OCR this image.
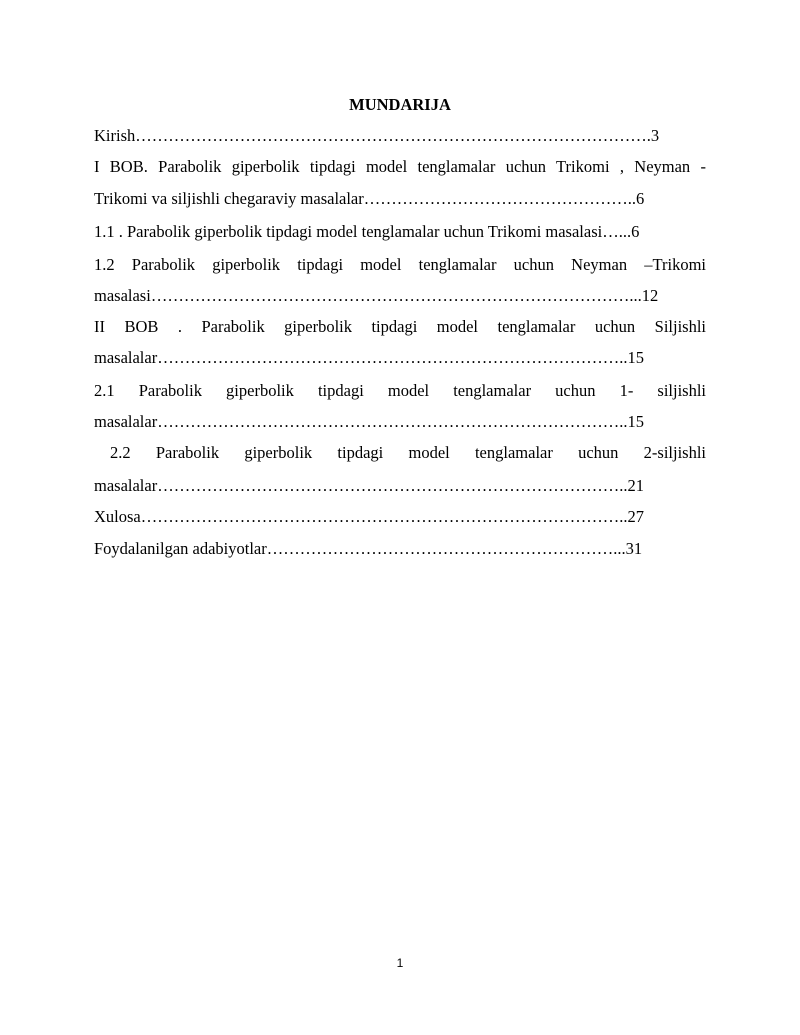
MUNDARIJA
Kirish………………………………………………………………………………….3
I BOB. Parabolik giperbolik tipdagi model tenglamalar uchun Trikomi , Neyman -
Trikomi va siljishli chegaraviy masalalar…………………………………………..6
1.1 . Parabolik giperbolik tipdagi model tenglamalar uchun Trikomi masalasi…...6
1.2 Parabolik giperbolik tipdagi model tenglamalar uchun Neyman –Trikomi
masalasi……………………………………………………………………………...12
II BOB . Parabolik giperbolik tipdagi model tenglamalar uchun Siljishli
masalalar…………………………………………………………………………..15
2.1 Parabolik giperbolik tipdagi model tenglamalar uchun 1- siljishli
masalalar…………………………………………………………………………..15
2.2 Parabolik giperbolik tipdagi model tenglamalar uchun 2-siljishli
masalalar…………………………………………………………………………..21
Xulosa……………………………………………………………………………..27
Foydalanilgan adabiyotlar………………………………………………………...31
1
